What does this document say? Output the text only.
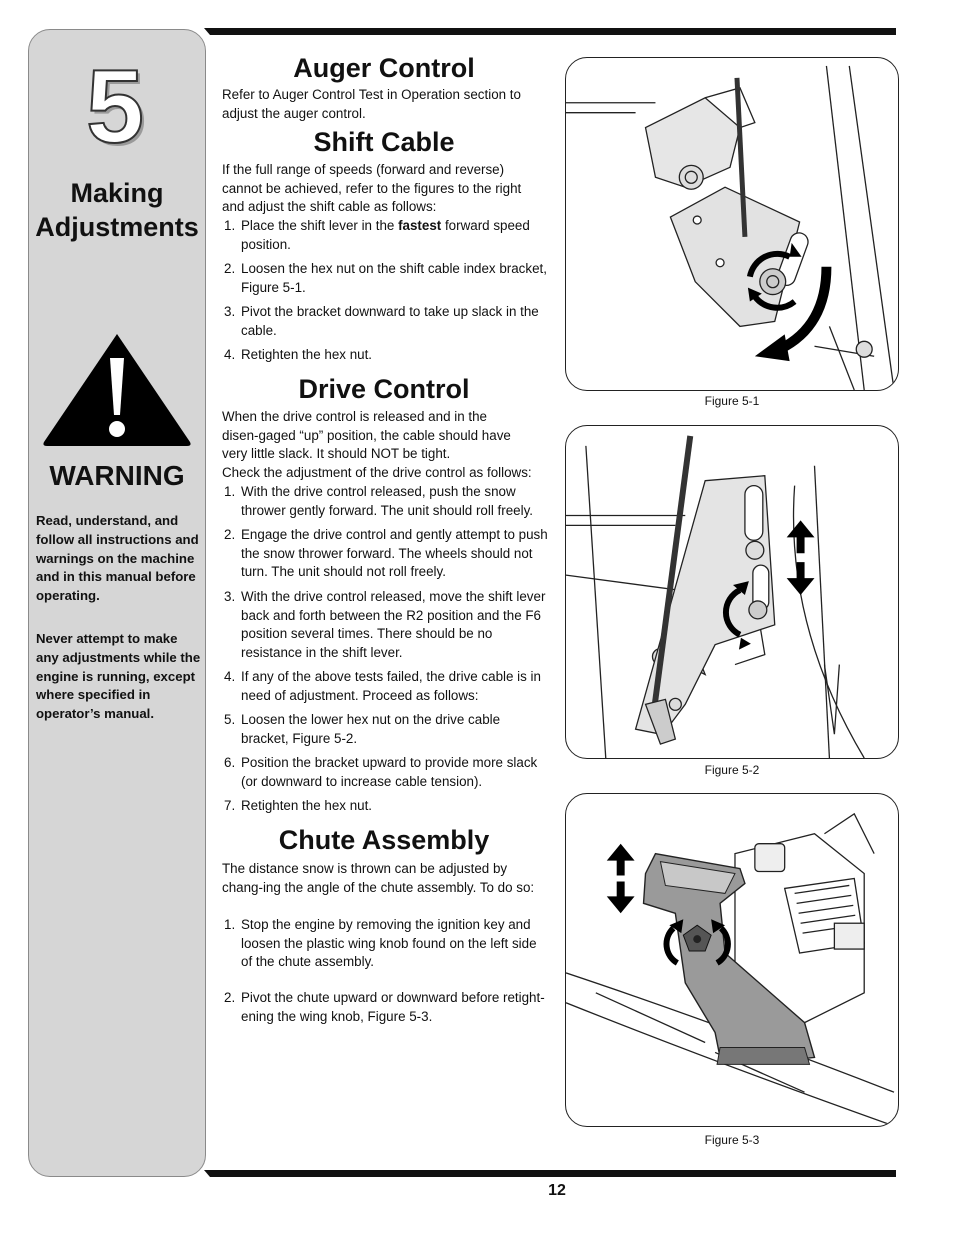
5
Making
Adjustments
WARNING
Read, understand, and follow all instructions and warnings on the machine and in this manual before operating.
Never attempt to make any adjustments while the engine is running, except where specified in operator’s manual.
Auger Control
Refer to Auger Control Test in Operation section to adjust the auger control.
Shift Cable
If the full range of speeds (forward and reverse) cannot be achieved, refer to the figures to the right and adjust the shift cable as follows:
1. Place the shift lever in the fastest forward speed position.
2. Loosen the hex nut on the shift cable index bracket, Figure 5-1.
3. Pivot the bracket downward to take up slack in the cable.
4. Retighten the hex nut.
Drive Control
When the drive control is released and in the disen-gaged “up” position, the cable should have very little slack. It should NOT be tight.
Check the adjustment of the drive control as follows:
1. With the drive control released, push the snow thrower gently forward. The unit should roll freely.
2. Engage the drive control and gently attempt to push the snow thrower forward. The wheels should not turn. The unit should not roll freely.
3. With the drive control released, move the shift lever back and forth between the R2 position and the F6 position several times. There should be no resistance in the shift lever.
4. If any of the above tests failed, the drive cable is in need of adjustment. Proceed as follows:
5. Loosen the lower hex nut on the drive cable bracket, Figure 5-2.
6. Position the bracket upward to provide more slack (or downward to increase cable tension).
7. Retighten the hex nut.
Chute Assembly
The distance snow is thrown can be adjusted by chang-ing the angle of the chute assembly. To do so:
1. Stop the engine by removing the ignition key and loosen the plastic wing knob found on the left side of the chute assembly.
2. Pivot the chute upward or downward before retight-ening the wing knob, Figure 5-3.
Figure 5-1
Figure 5-2
Figure 5-3
12
